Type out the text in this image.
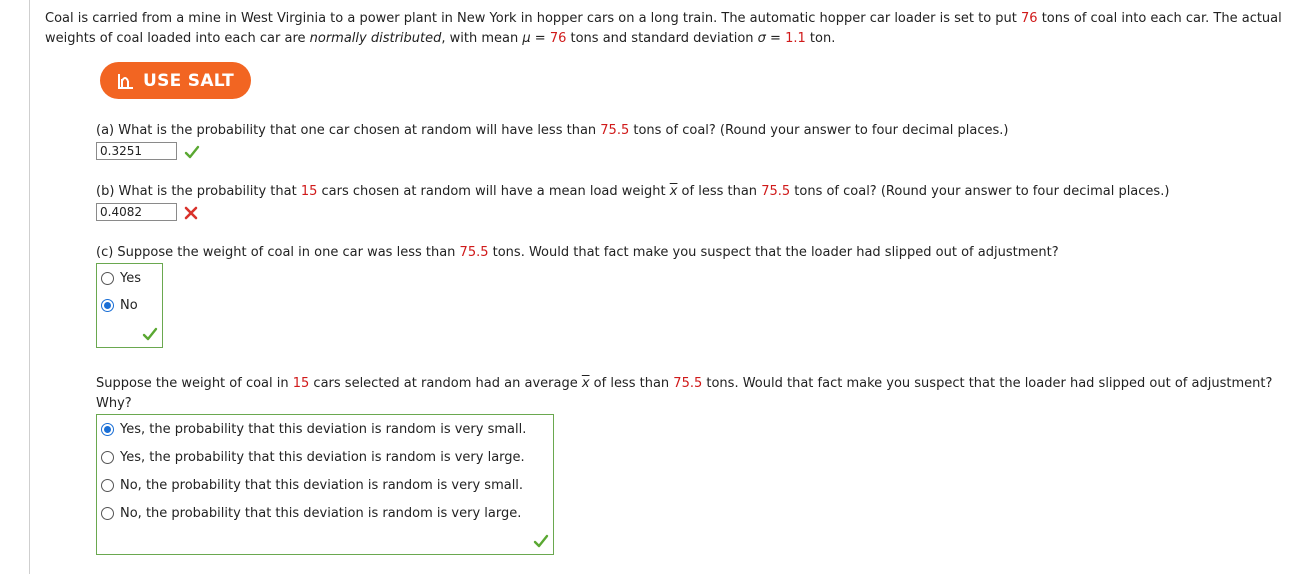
Coal is carried from a mine in West Virginia to a power plant in New York in hopper cars on a long train. The automatic hopper car loader is set to put 76 tons of coal into each car. The actual weights of coal loaded into each car are normally distributed, with mean μ = 76 tons and standard deviation σ = 1.1 ton.
USE SALT
(a) What is the probability that one car chosen at random will have less than 75.5 tons of coal? (Round your answer to four decimal places.)
0.3251
(b) What is the probability that 15 cars chosen at random will have a mean load weight $\overline{x}$ of less than 75.5 tons of coal? (Round your answer to four decimal places.)
0.4082
(c) Suppose the weight of coal in one car was less than 75.5 tons. Would that fact make you suspect that the loader had slipped out of adjustment?
Yes
No
Suppose the weight of coal in 15 cars selected at random had an average $\overline{x}$ of less than 75.5 tons. Would that fact make you suspect that the loader had slipped out of adjustment?
Why?
Yes, the probability that this deviation is random is very small.
Yes, the probability that this deviation is random is very large.
No, the probability that this deviation is random is very small.
No, the probability that this deviation is random is very large.
